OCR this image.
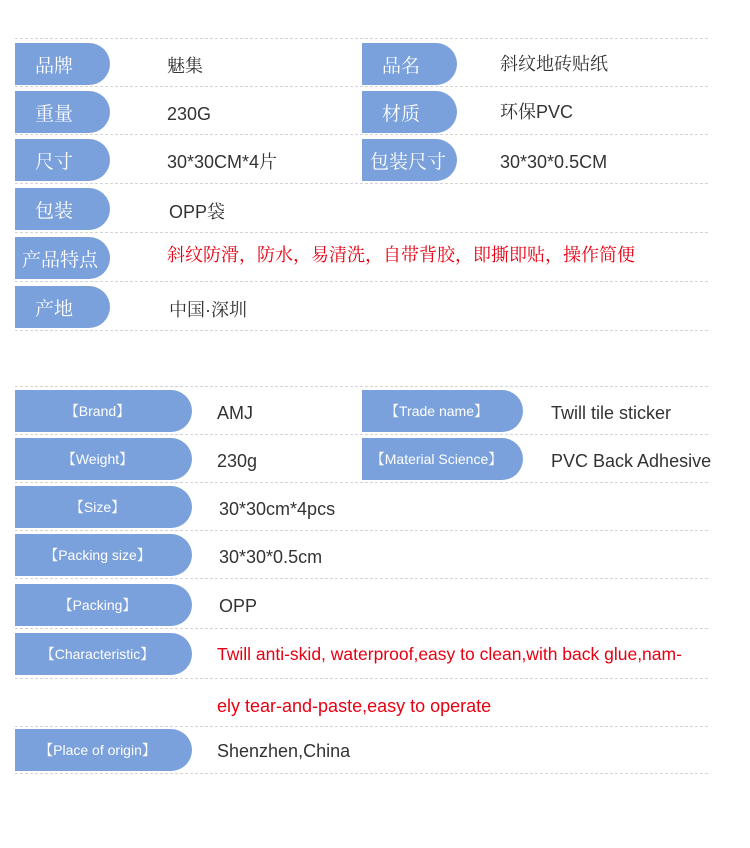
品牌	魅集	品名	斜纹地砖贴纸
重量	230G	材质	环保PVC
尺寸	30*30CM*4片	包装尺寸	30*30*0.5CM
包装	OPP袋
产品特点	斜纹防滑，防水，易清洗，自带背胶，即撕即贴，操作简便
产地	中国·深圳
【Brand】	AMJ	【Trade name】	Twill tile sticker
【Weight】	230g	【Material Science】	PVC Back Adhesive
【Size】	30*30cm*4pcs
【Packing size】	30*30*0.5cm
【Packing】	OPP
【Characteristic】	Twill anti-skid, waterproof,easy to clean,with back glue,nam-
ely tear-and-paste,easy to operate
【Place of origin】	Shenzhen,China
